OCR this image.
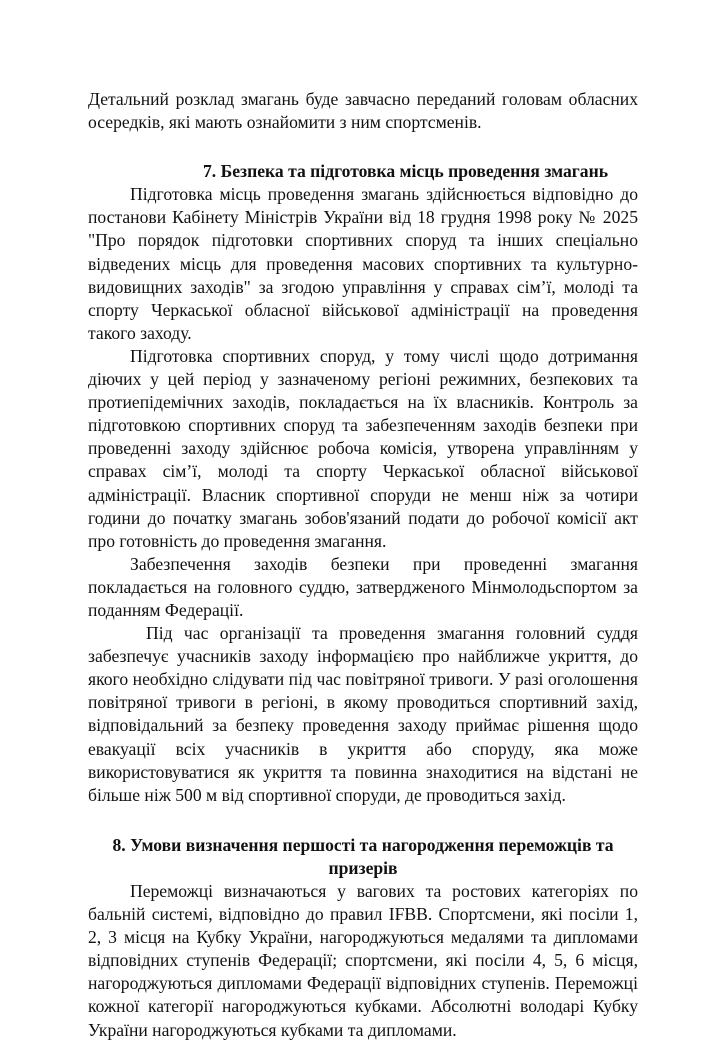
Детальний розклад змагань буде завчасно переданий головам обласних осередків, які мають ознайомити з ним спортсменів.

7. Безпека та підготовка місць проведення змагань

Підготовка місць проведення змагань здійснюється відповідно до постанови Кабінету Міністрів України від 18 грудня 1998 року № 2025 "Про порядок підготовки спортивних споруд та інших спеціально відведених місць для проведення масових спортивних та культурно-видовищних заходів" за згодою управління у справах сім’ї, молоді та спорту Черкаської обласної військової адміністрації на проведення такого заходу.

Підготовка спортивних споруд, у тому числі щодо дотримання діючих у цей період у зазначеному регіоні режимних, безпекових та протиепідемічних заходів, покладається на їх власників. Контроль за підготовкою спортивних споруд та забезпеченням заходів безпеки при проведенні заходу здійснює робоча комісія, утворена управлінням у справах сім’ї, молоді та спорту Черкаської обласної військової адміністрації. Власник спортивної споруди не менш ніж за чотири години до початку змагань зобов'язаний подати до робочої комісії акт про готовність до проведення змагання.

Забезпечення заходів безпеки при проведенні змагання покладається на головного суддю, затвердженого Мінмолодьспортом за поданням Федерації.

Під час організації та проведення змагання головний суддя забезпечує учасників заходу інформацією про найближче укриття, до якого необхідно слідувати під час повітряної тривоги. У разі оголошення повітряної тривоги в регіоні, в якому проводиться спортивний захід, відповідальний за безпеку проведення заходу приймає рішення щодо евакуації всіх учасників в укриття або споруду, яка може використовуватися як укриття та повинна знаходитися на відстані не більше ніж 500 м від спортивної споруди, де проводиться захід.

8. Умови визначення першості та нагородження переможців та
призерів

Переможці визначаються у вагових та ростових категоріях по бальній системі, відповідно до правил IFBB. Спортсмени, які посіли 1, 2, 3 місця на Кубку України, нагороджуються медалями та дипломами відповідних ступенів Федерації; спортсмени, які посіли 4, 5, 6 місця, нагороджуються дипломами Федерації відповідних ступенів. Переможці кожної категорії нагороджуються кубками. Абсолютні володарі Кубку України нагороджуються кубками та дипломами.
